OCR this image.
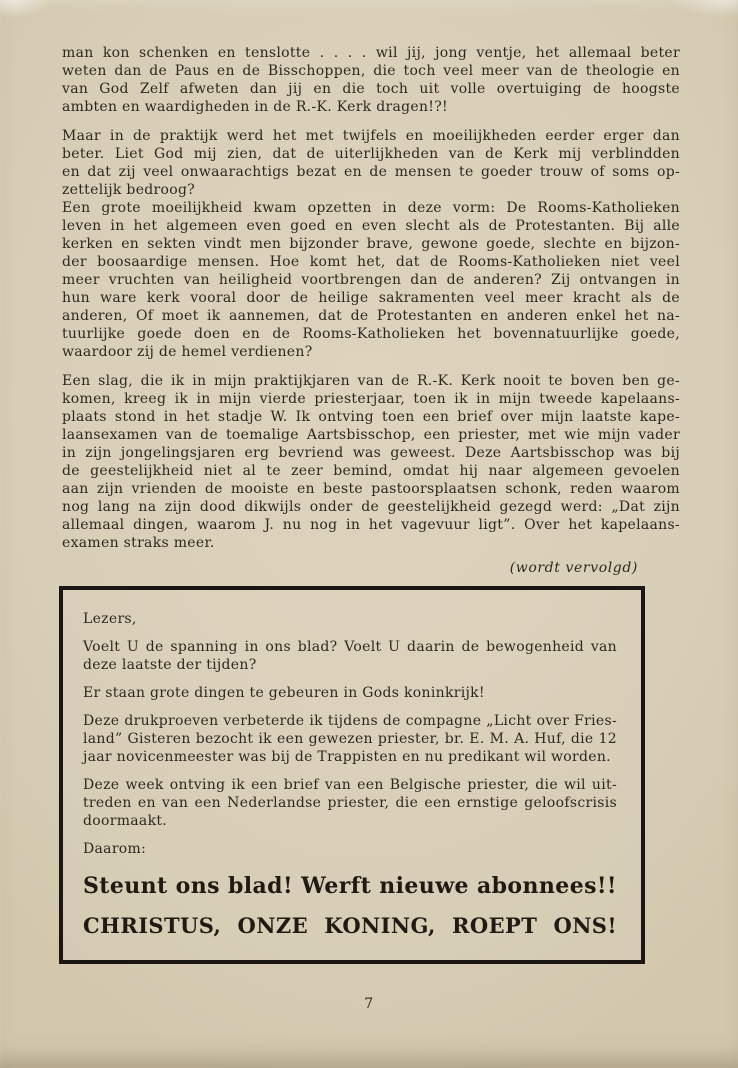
man kon schenken en tenslotte . . . . wil jij, jong ventje, het allemaal beter
weten dan de Paus en de Bisschoppen, die toch veel meer van de theologie en
van God Zelf afweten dan jij en die toch uit volle overtuiging de hoogste
ambten en waardigheden in de R.-K. Kerk dragen!?!
Maar in de praktijk werd het met twijfels en moeilijkheden eerder erger dan
beter. Liet God mij zien, dat de uiterlijkheden van de Kerk mij verblindden
en dat zij veel onwaarachtigs bezat en de mensen te goeder trouw of soms op-
zettelijk bedroog?
Een grote moeilijkheid kwam opzetten in deze vorm: De Rooms-Katholieken
leven in het algemeen even goed en even slecht als de Protestanten. Bij alle
kerken en sekten vindt men bijzonder brave, gewone goede, slechte en bijzon-
der boosaardige mensen. Hoe komt het, dat de Rooms-Katholieken niet veel
meer vruchten van heiligheid voortbrengen dan de anderen? Zij ontvangen in
hun ware kerk vooral door de heilige sakramenten veel meer kracht als de
anderen, Of moet ik aannemen, dat de Protestanten en anderen enkel het na-
tuurlijke goede doen en de Rooms-Katholieken het bovennatuurlijke goede,
waardoor zij de hemel verdienen?
Een slag, die ik in mijn praktijkjaren van de R.-K. Kerk nooit te boven ben ge-
komen, kreeg ik in mijn vierde priesterjaar, toen ik in mijn tweede kapelaans-
plaats stond in het stadje W. Ik ontving toen een brief over mijn laatste kape-
laansexamen van de toemalige Aartsbisschop, een priester, met wie mijn vader
in zijn jongelingsjaren erg bevriend was geweest. Deze Aartsbisschop was bij
de geestelijkheid niet al te zeer bemind, omdat hij naar algemeen gevoelen
aan zijn vrienden de mooiste en beste pastoorsplaatsen schonk, reden waarom
nog lang na zijn dood dikwijls onder de geestelijkheid gezegd werd: „Dat zijn
allemaal dingen, waarom J. nu nog in het vagevuur ligt”. Over het kapelaans-
examen straks meer.
(wordt vervolgd)
Lezers,
Voelt U de spanning in ons blad? Voelt U daarin de bewogenheid van
deze laatste der tijden?
Er staan grote dingen te gebeuren in Gods koninkrijk!
Deze drukproeven verbeterde ik tijdens de compagne „Licht over Fries-
land” Gisteren bezocht ik een gewezen priester, br. E. M. A. Huf, die 12
jaar novicenmeester was bij de Trappisten en nu predikant wil worden.
Deze week ontving ik een brief van een Belgische priester, die wil uit-
treden en van een Nederlandse priester, die een ernstige geloofscrisis
doormaakt.
Daarom:
Steunt ons blad! Werft nieuwe abonnees!!
CHRISTUS, ONZE KONING, ROEPT ONS!
7
